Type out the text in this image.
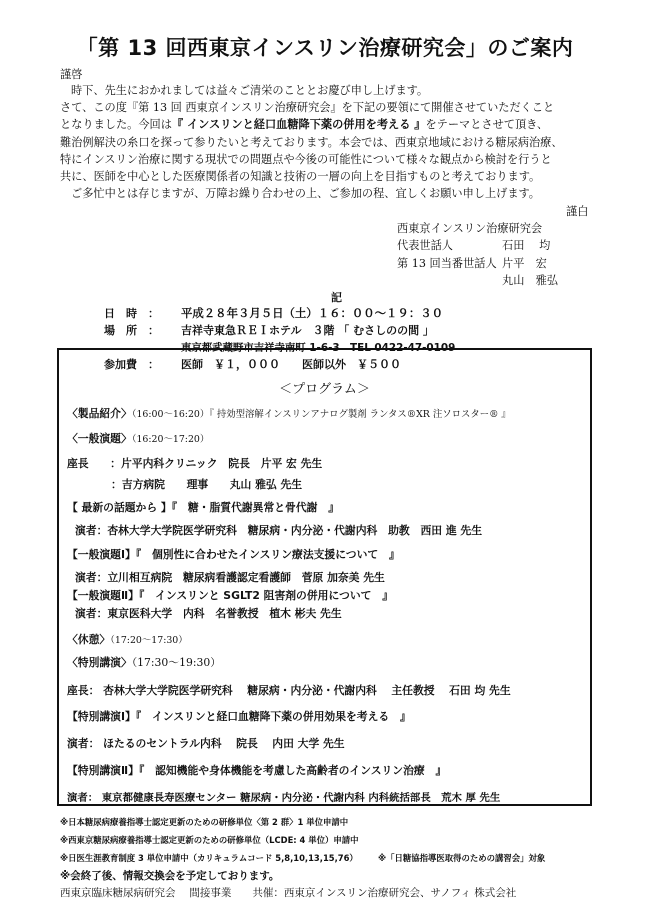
「第 13 回西東京インスリン治療研究会」のご案内
謹啓
時下、先生におかれましては益々ご清栄のこととお慶び申し上げます。
さて、この度『第 13 回 西東京インスリン治療研究会』を下記の要領にて開催させていただくこと
となりました。今回は『 インスリンと経口血糖降下薬の併用を考える 』をテーマとさせて頂き、
難治例解決の糸口を探って参りたいと考えております。本会では、西東京地域における糖尿病治療、
特にインスリン治療に関する現状での問題点や今後の可能性について様々な観点から検討を行うと
共に、医師を中心とした医療関係者の知識と技術の一層の向上を目指すものと考えております。
ご多忙中とは存じますが、万障お繰り合わせの上、ご参加の程、宜しくお願い申し上げます。
謹白
西東京インスリン治療研究会
代表世話人	石田　 均
第 13 回当番世話人 片平　宏
丸山　雅弘
記
日　時　： 平成２８年３月５日（土）１６：００～１９：３０
場　所　： 吉祥寺東急ＲＥＩホテル　３階 「 むさしのの間 」
東京都武蔵野市吉祥寺南町 1-6-3　TEL 0422-47-0109
参加費　： 医師　￥１，０００　　医師以外　￥５００
＜プログラム＞
〈製品紹介〉（16:00～16:20）『 持効型溶解インスリンアナログ製剤 ランタス®XR 注ソロスター® 』
〈一般演題〉（16:20～17:20）
座長　　：片平内科クリニック　院長　片平 宏 先生
：吉方病院　　理事　　丸山 雅弘 先生
【 最新の話題から 】『　糖・脂質代謝異常と骨代謝　』
演者：杏林大学大学院医学研究科　糖尿病・内分泌・代謝内科　助教　西田 進 先生
【一般演題Ⅰ】『　個別性に合わせたインスリン療法支援について　』
演者：立川相互病院　糖尿病看護認定看護師　菅原 加奈美 先生
【一般演題Ⅱ】『　インスリンと SGLT2 阻害剤の併用について　』
演者：東京医科大学　内科　名誉教授　植木 彬夫 先生
〈休憩〉（17:20～17:30）
〈特別講演〉（17:30～19:30）
座長： 杏林大学大学院医学研究科　 糖尿病・内分泌・代謝内科　 主任教授　 石田 均 先生
【特別講演Ⅰ】『　インスリンと経口血糖降下薬の併用効果を考える　』
演者： ほたるのセントラル内科　 院長　 内田 大学 先生
【特別講演Ⅱ】『　認知機能や身体機能を考慮した高齢者のインスリン治療　』
演者： 東京都健康長寿医療センター 糖尿病・内分泌・代謝内科 内科統括部長　荒木 厚 先生
※日本糖尿病療養指導士認定更新のための研修単位〈第 2 群〉1 単位申請中
※西東京糖尿病療養指導士認定更新のための研修単位（LCDE: 4 単位）申請中
※日医生涯教育制度 3 単位申請中（カリキュラムコード 5,8,10,13,15,76） ※「日糖協指導医取得のための講習会」対象
※会終了後、情報交換会を予定しております。
西東京臨床糖尿病研究会　 間接事業　　共催：西東京インスリン治療研究会、サノフィ 株式会社
